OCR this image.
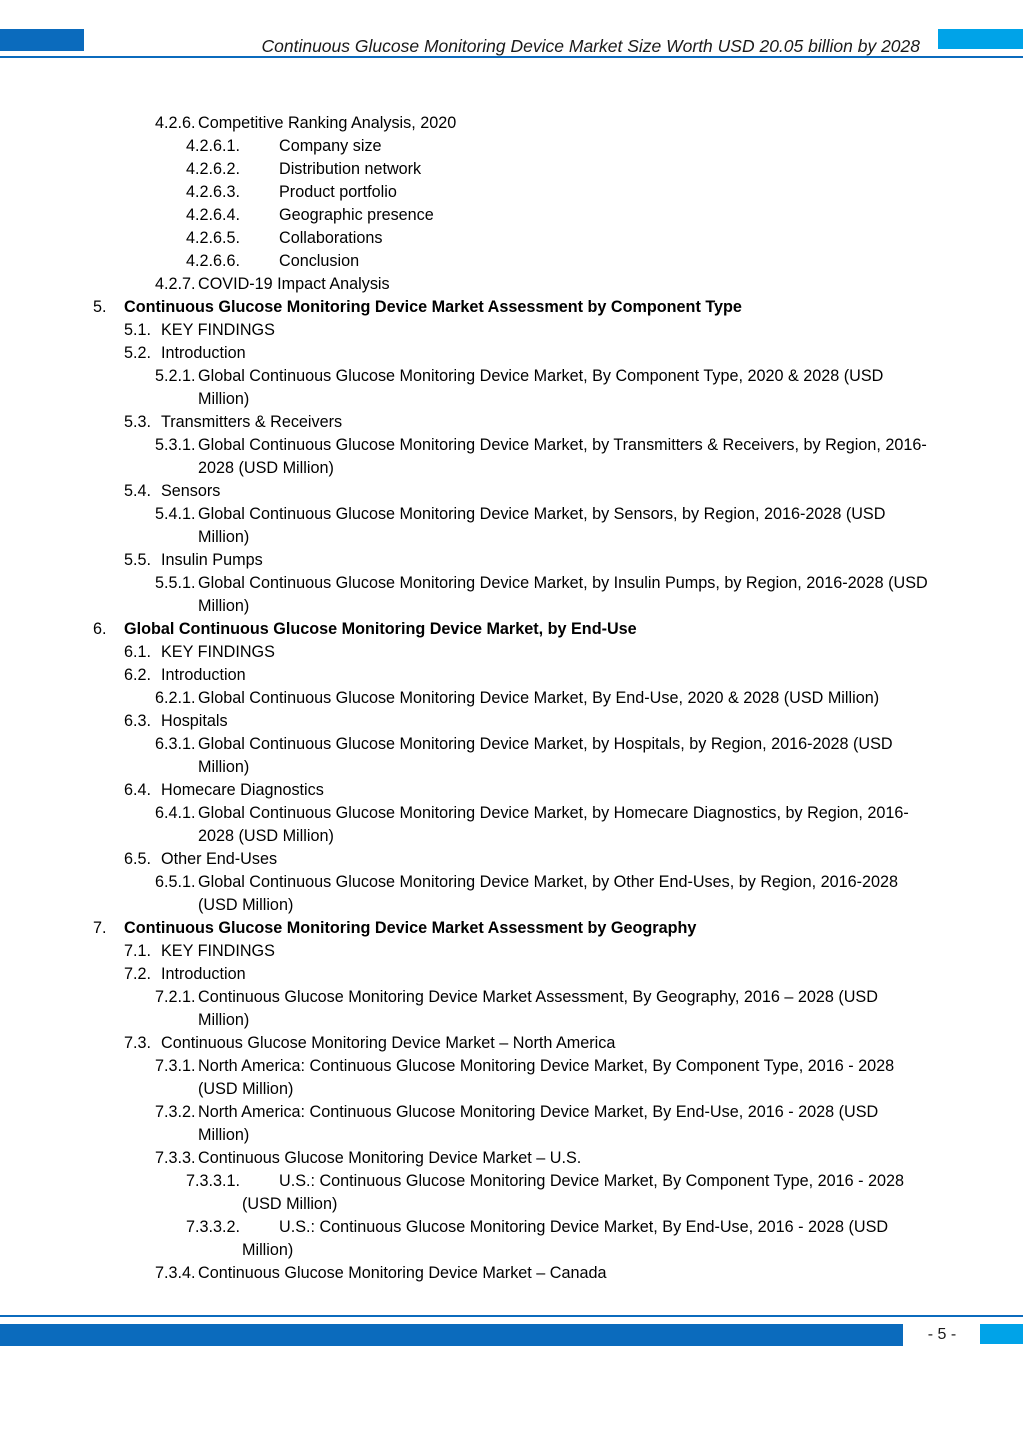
Continuous Glucose Monitoring Device Market Size Worth USD 20.05 billion by 2028
4.2.6. Competitive Ranking Analysis, 2020
4.2.6.1. Company size
4.2.6.2. Distribution network
4.2.6.3. Product portfolio
4.2.6.4. Geographic presence
4.2.6.5. Collaborations
4.2.6.6. Conclusion
4.2.7. COVID-19 Impact Analysis
5. Continuous Glucose Monitoring Device Market Assessment by Component Type
5.1. KEY FINDINGS
5.2. Introduction
5.2.1. Global Continuous Glucose Monitoring Device Market, By Component Type, 2020 & 2028 (USD Million)
5.3. Transmitters & Receivers
5.3.1. Global Continuous Glucose Monitoring Device Market, by Transmitters & Receivers, by Region, 2016-2028 (USD Million)
5.4. Sensors
5.4.1. Global Continuous Glucose Monitoring Device Market, by Sensors, by Region, 2016-2028 (USD Million)
5.5. Insulin Pumps
5.5.1. Global Continuous Glucose Monitoring Device Market, by Insulin Pumps, by Region, 2016-2028 (USD Million)
6. Global Continuous Glucose Monitoring Device Market, by End-Use
6.1. KEY FINDINGS
6.2. Introduction
6.2.1. Global Continuous Glucose Monitoring Device Market, By End-Use, 2020 & 2028 (USD Million)
6.3. Hospitals
6.3.1. Global Continuous Glucose Monitoring Device Market, by Hospitals, by Region, 2016-2028 (USD Million)
6.4. Homecare Diagnostics
6.4.1. Global Continuous Glucose Monitoring Device Market, by Homecare Diagnostics, by Region, 2016-2028 (USD Million)
6.5. Other End-Uses
6.5.1. Global Continuous Glucose Monitoring Device Market, by Other End-Uses, by Region, 2016-2028 (USD Million)
7. Continuous Glucose Monitoring Device Market Assessment by Geography
7.1. KEY FINDINGS
7.2. Introduction
7.2.1. Continuous Glucose Monitoring Device Market Assessment, By Geography, 2016 – 2028 (USD Million)
7.3. Continuous Glucose Monitoring Device Market – North America
7.3.1. North America: Continuous Glucose Monitoring Device Market, By Component Type, 2016 - 2028 (USD Million)
7.3.2. North America: Continuous Glucose Monitoring Device Market, By End-Use, 2016 - 2028 (USD Million)
7.3.3. Continuous Glucose Monitoring Device Market – U.S.
7.3.3.1.	U.S.: Continuous Glucose Monitoring Device Market, By Component Type, 2016 - 2028 (USD Million)
7.3.3.2.	U.S.: Continuous Glucose Monitoring Device Market, By End-Use, 2016 - 2028 (USD Million)
7.3.4. Continuous Glucose Monitoring Device Market – Canada
- 5 -
